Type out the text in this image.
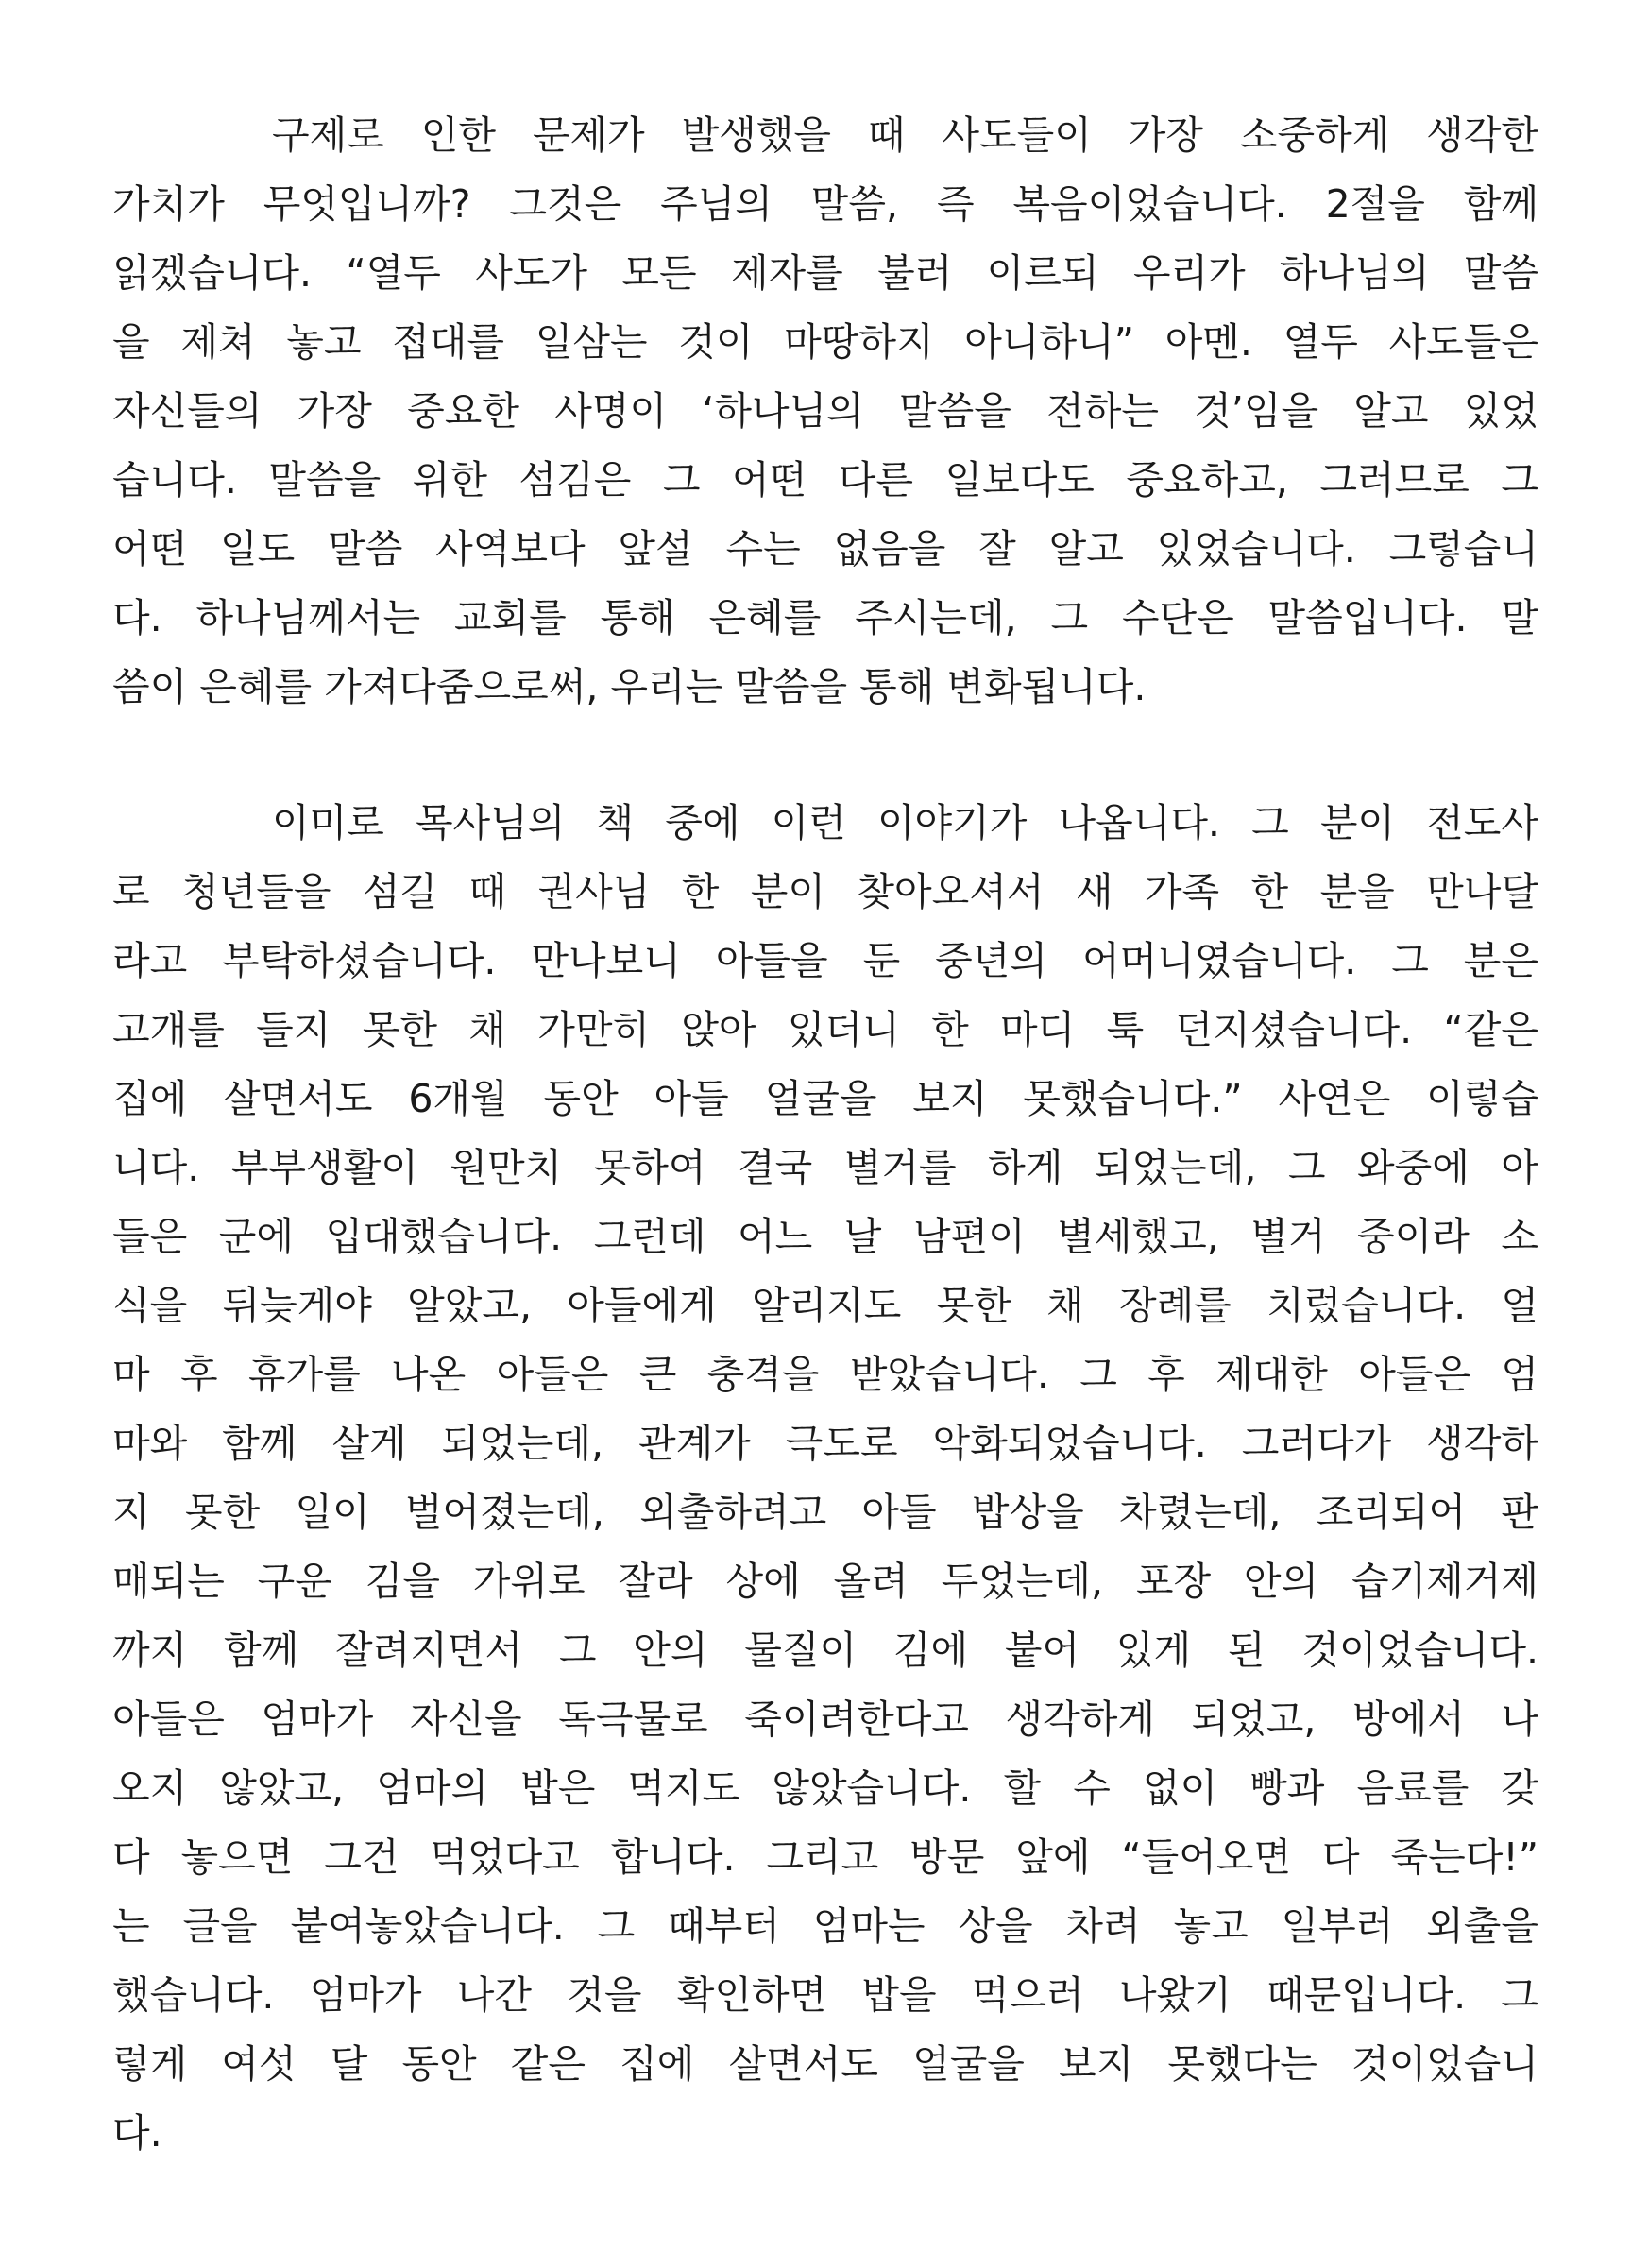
구제로 인한 문제가 발생했을 때 사도들이 가장 소중하게 생각한
가치가 무엇입니까? 그것은 주님의 말씀, 즉 복음이었습니다. 2절을 함께
읽겠습니다. “열두 사도가 모든 제자를 불러 이르되 우리가 하나님의 말씀
을 제쳐 놓고 접대를 일삼는 것이 마땅하지 아니하니” 아멘. 열두 사도들은
자신들의 가장 중요한 사명이 ‘하나님의 말씀을 전하는 것’임을 알고 있었
습니다. 말씀을 위한 섬김은 그 어떤 다른 일보다도 중요하고, 그러므로 그
어떤 일도 말씀 사역보다 앞설 수는 없음을 잘 알고 있었습니다. 그렇습니
다. 하나님께서는 교회를 통해 은혜를 주시는데, 그 수단은 말씀입니다. 말
씀이 은혜를 가져다줌으로써, 우리는 말씀을 통해 변화됩니다.
이미로 목사님의 책 중에 이런 이야기가 나옵니다. 그 분이 전도사
로 청년들을 섬길 때 권사님 한 분이 찾아오셔서 새 가족 한 분을 만나달
라고 부탁하셨습니다. 만나보니 아들을 둔 중년의 어머니였습니다. 그 분은
고개를 들지 못한 채 가만히 앉아 있더니 한 마디 툭 던지셨습니다. “같은
집에 살면서도 6개월 동안 아들 얼굴을 보지 못했습니다.” 사연은 이렇습
니다. 부부생활이 원만치 못하여 결국 별거를 하게 되었는데, 그 와중에 아
들은 군에 입대했습니다. 그런데 어느 날 남편이 별세했고, 별거 중이라 소
식을 뒤늦게야 알았고, 아들에게 알리지도 못한 채 장례를 치렀습니다. 얼
마 후 휴가를 나온 아들은 큰 충격을 받았습니다. 그 후 제대한 아들은 엄
마와 함께 살게 되었는데, 관계가 극도로 악화되었습니다. 그러다가 생각하
지 못한 일이 벌어졌는데, 외출하려고 아들 밥상을 차렸는데, 조리되어 판
매되는 구운 김을 가위로 잘라 상에 올려 두었는데, 포장 안의 습기제거제
까지 함께 잘려지면서 그 안의 물질이 김에 붙어 있게 된 것이었습니다.
아들은 엄마가 자신을 독극물로 죽이려한다고 생각하게 되었고, 방에서 나
오지 않았고, 엄마의 밥은 먹지도 않았습니다. 할 수 없이 빵과 음료를 갖
다 놓으면 그건 먹었다고 합니다. 그리고 방문 앞에 “들어오면 다 죽는다!”
는 글을 붙여놓았습니다. 그 때부터 엄마는 상을 차려 놓고 일부러 외출을
했습니다. 엄마가 나간 것을 확인하면 밥을 먹으러 나왔기 때문입니다. 그
렇게 여섯 달 동안 같은 집에 살면서도 얼굴을 보지 못했다는 것이었습니
다.
